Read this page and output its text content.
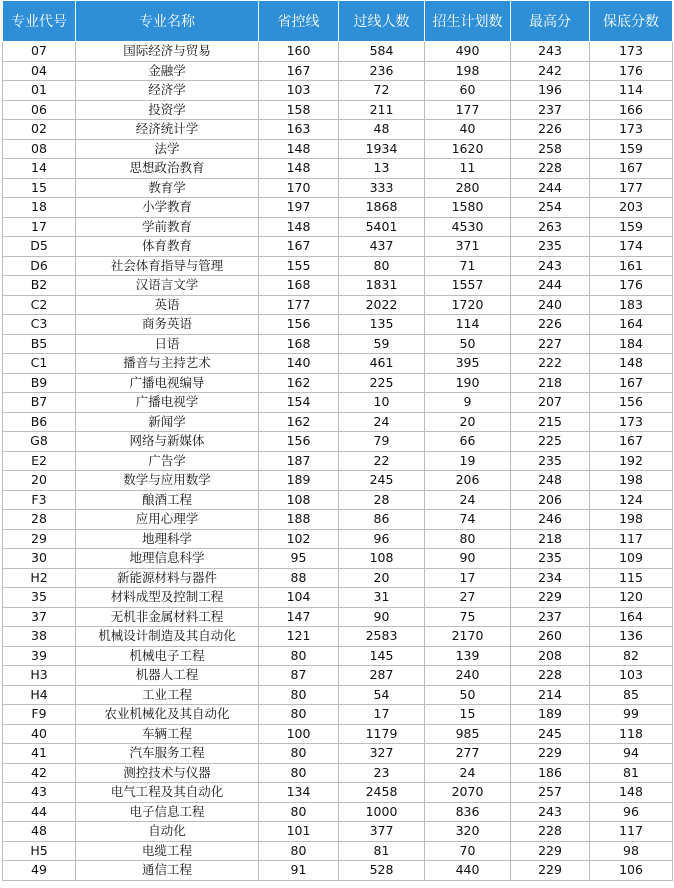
专业代号	专业名称	省控线	过线人数	招生计划数	最高分	保底分数
07	国际经济与贸易	160	584	490	243	173
04	金融学	167	236	198	242	176
01	经济学	103	72	60	196	114
06	投资学	158	211	177	237	166
02	经济统计学	163	48	40	226	173
08	法学	148	1934	1620	258	159
14	思想政治教育	148	13	11	228	167
15	教育学	170	333	280	244	177
18	小学教育	197	1868	1580	254	203
17	学前教育	148	5401	4530	263	159
D5	体育教育	167	437	371	235	174
D6	社会体育指导与管理	155	80	71	243	161
B2	汉语言文学	168	1831	1557	244	176
C2	英语	177	2022	1720	240	183
C3	商务英语	156	135	114	226	164
B5	日语	168	59	50	227	184
C1	播音与主持艺术	140	461	395	222	148
B9	广播电视编导	162	225	190	218	167
B7	广播电视学	154	10	9	207	156
B6	新闻学	162	24	20	215	173
G8	网络与新媒体	156	79	66	225	167
E2	广告学	187	22	19	235	192
20	数学与应用数学	189	245	206	248	198
F3	酿酒工程	108	28	24	206	124
28	应用心理学	188	86	74	246	198
29	地理科学	102	96	80	218	117
30	地理信息科学	95	108	90	235	109
H2	新能源材料与器件	88	20	17	234	115
35	材料成型及控制工程	104	31	27	229	120
37	无机非金属材料工程	147	90	75	237	164
38	机械设计制造及其自动化	121	2583	2170	260	136
39	机械电子工程	80	145	139	208	82
H3	机器人工程	87	287	240	228	103
H4	工业工程	80	54	50	214	85
F9	农业机械化及其自动化	80	17	15	189	99
40	车辆工程	100	1179	985	245	118
41	汽车服务工程	80	327	277	229	94
42	测控技术与仪器	80	23	24	186	81
43	电气工程及其自动化	134	2458	2070	257	148
44	电子信息工程	80	1000	836	243	96
48	自动化	101	377	320	228	117
H5	电缆工程	80	81	70	229	98
49	通信工程	91	528	440	229	106
